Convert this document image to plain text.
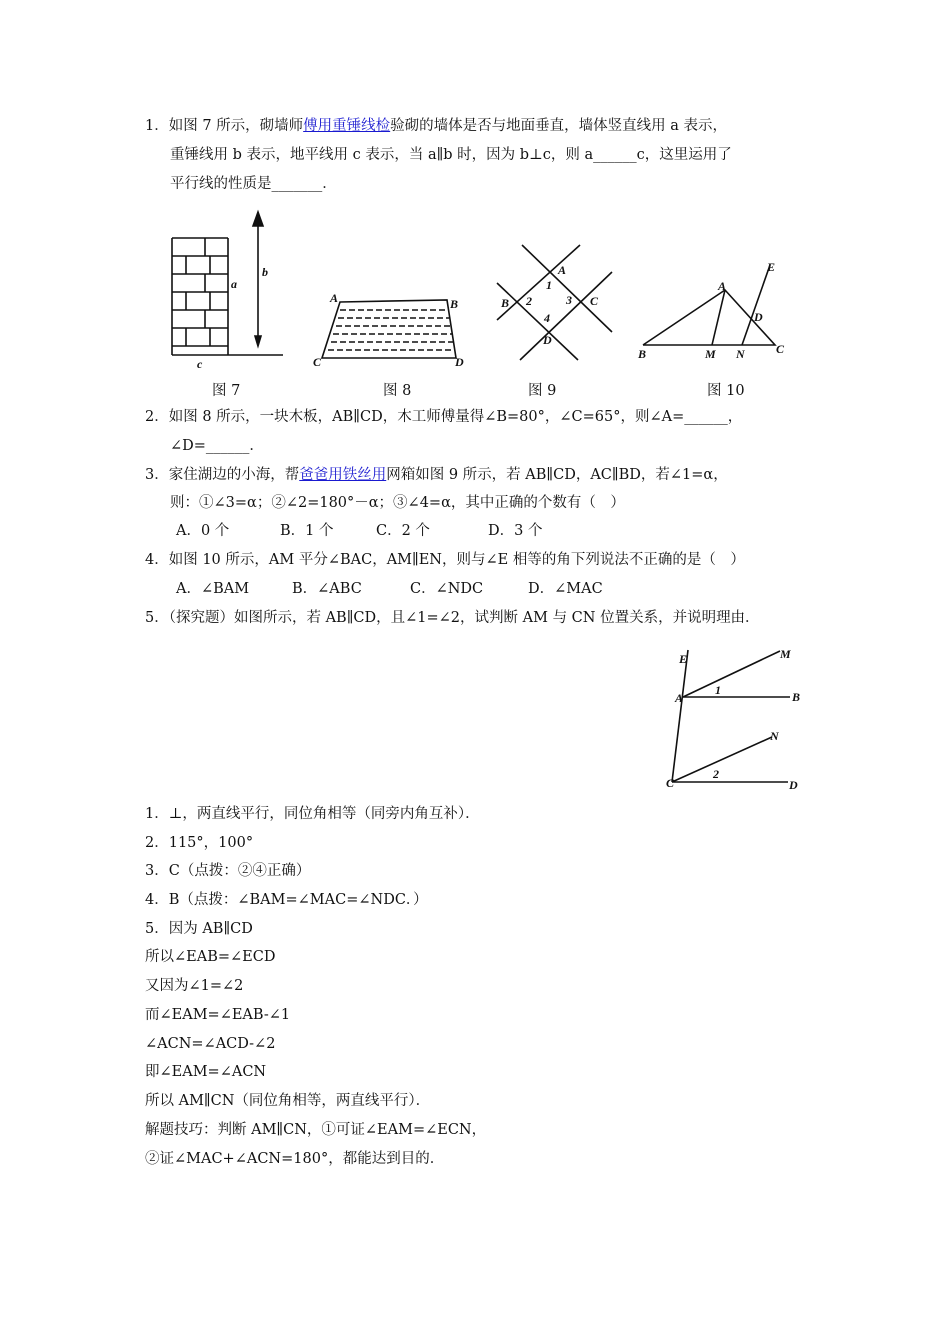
1．如图 7 所示，砌墙师傅用重锤线检验砌的墙体是否与地面垂直，墙体竖直线用 a 表示，
重锤线用 b 表示，地平线用 c 表示，当 a∥b 时，因为 b⊥c，则 a______c，这里运用了
平行线的性质是_______．
a
b
c
A	B
C	D
A
1
B 2	3 C
4
D
B
A
E
D
M N	C
E	M
A
1	B
N
C
2
D
图 7	图 8	图 9	图 10
2．如图 8 所示，一块木板，AB∥CD，木工师傅量得∠B=80°，∠C=65°，则∠A=______，
∠D=______．
3．家住湖边的小海，帮爸爸用铁丝用网箱如图 9 所示，若 AB∥CD，AC∥BD，若∠1=α，
则：①∠3=α；②∠2=180°－α；③∠4=α，其中正确的个数有（　）
A．0 个	B．1 个	C．2 个	D．3 个
4．如图 10 所示，AM 平分∠BAC，AM∥EN，则与∠E 相等的角下列说法不正确的是（　）
A．∠BAM	B．∠ABC	C．∠NDC	D．∠MAC
5．（探究题）如图所示，若 AB∥CD，且∠1=∠2，试判断 AM 与 CN 位置关系，并说明理由．
1．⊥，两直线平行，同位角相等（同旁内角互补）．
2．115°，100°
3．C（点拨：②④正确）
4．B（点拨：∠BAM=∠MAC=∠NDC．）
5．因为 AB∥CD
所以∠EAB=∠ECD
又因为∠1=∠2
而∠EAM=∠EAB-∠1
∠ACN=∠ACD-∠2
即∠EAM=∠ACN
所以 AM∥CN（同位角相等，两直线平行）．
解题技巧：判断 AM∥CN，①可证∠EAM=∠ECN，
②证∠MAC+∠ACN=180°，都能达到目的．
